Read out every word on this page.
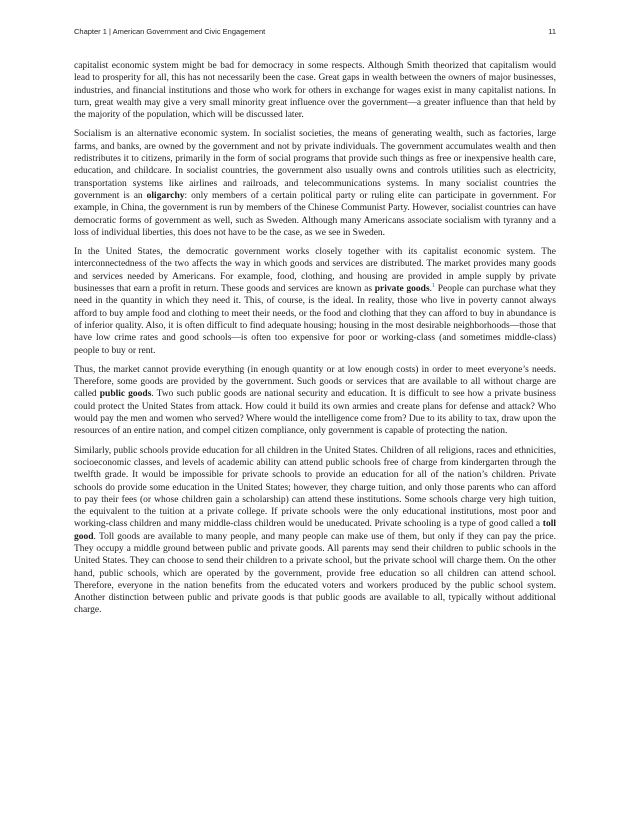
Chapter 1 | American Government and Civic Engagement	11

capitalist economic system might be bad for democracy in some respects. Although Smith theorized that capitalism would lead to prosperity for all, this has not necessarily been the case. Great gaps in wealth between the owners of major businesses, industries, and financial institutions and those who work for others in exchange for wages exist in many capitalist nations. In turn, great wealth may give a very small minority great influence over the government—a greater influence than that held by the majority of the population, which will be discussed later.

Socialism is an alternative economic system. In socialist societies, the means of generating wealth, such as factories, large farms, and banks, are owned by the government and not by private individuals. The government accumulates wealth and then redistributes it to citizens, primarily in the form of social programs that provide such things as free or inexpensive health care, education, and childcare. In socialist countries, the government also usually owns and controls utilities such as electricity, transportation systems like airlines and railroads, and telecommunications systems. In many socialist countries the government is an oligarchy: only members of a certain political party or ruling elite can participate in government. For example, in China, the government is run by members of the Chinese Communist Party. However, socialist countries can have democratic forms of government as well, such as Sweden. Although many Americans associate socialism with tyranny and a loss of individual liberties, this does not have to be the case, as we see in Sweden.

In the United States, the democratic government works closely together with its capitalist economic system. The interconnectedness of the two affects the way in which goods and services are distributed. The market provides many goods and services needed by Americans. For example, food, clothing, and housing are provided in ample supply by private businesses that earn a profit in return. These goods and services are known as private goods.$^1$ People can purchase what they need in the quantity in which they need it. This, of course, is the ideal. In reality, those who live in poverty cannot always afford to buy ample food and clothing to meet their needs, or the food and clothing that they can afford to buy in abundance is of inferior quality. Also, it is often difficult to find adequate housing; housing in the most desirable neighborhoods—those that have low crime rates and good schools—is often too expensive for poor or working-class (and sometimes middle-class) people to buy or rent.

Thus, the market cannot provide everything (in enough quantity or at low enough costs) in order to meet everyone’s needs. Therefore, some goods are provided by the government. Such goods or services that are available to all without charge are called public goods. Two such public goods are national security and education. It is difficult to see how a private business could protect the United States from attack. How could it build its own armies and create plans for defense and attack? Who would pay the men and women who served? Where would the intelligence come from? Due to its ability to tax, draw upon the resources of an entire nation, and compel citizen compliance, only government is capable of protecting the nation.

Similarly, public schools provide education for all children in the United States. Children of all religions, races and ethnicities, socioeconomic classes, and levels of academic ability can attend public schools free of charge from kindergarten through the twelfth grade. It would be impossible for private schools to provide an education for all of the nation’s children. Private schools do provide some education in the United States; however, they charge tuition, and only those parents who can afford to pay their fees (or whose children gain a scholarship) can attend these institutions. Some schools charge very high tuition, the equivalent to the tuition at a private college. If private schools were the only educational institutions, most poor and working-class children and many middle-class children would be uneducated. Private schooling is a type of good called a toll good. Toll goods are available to many people, and many people can make use of them, but only if they can pay the price. They occupy a middle ground between public and private goods. All parents may send their children to public schools in the United States. They can choose to send their children to a private school, but the private school will charge them. On the other hand, public schools, which are operated by the government, provide free education so all children can attend school. Therefore, everyone in the nation benefits from the educated voters and workers produced by the public school system. Another distinction between public and private goods is that public goods are available to all, typically without additional charge.
